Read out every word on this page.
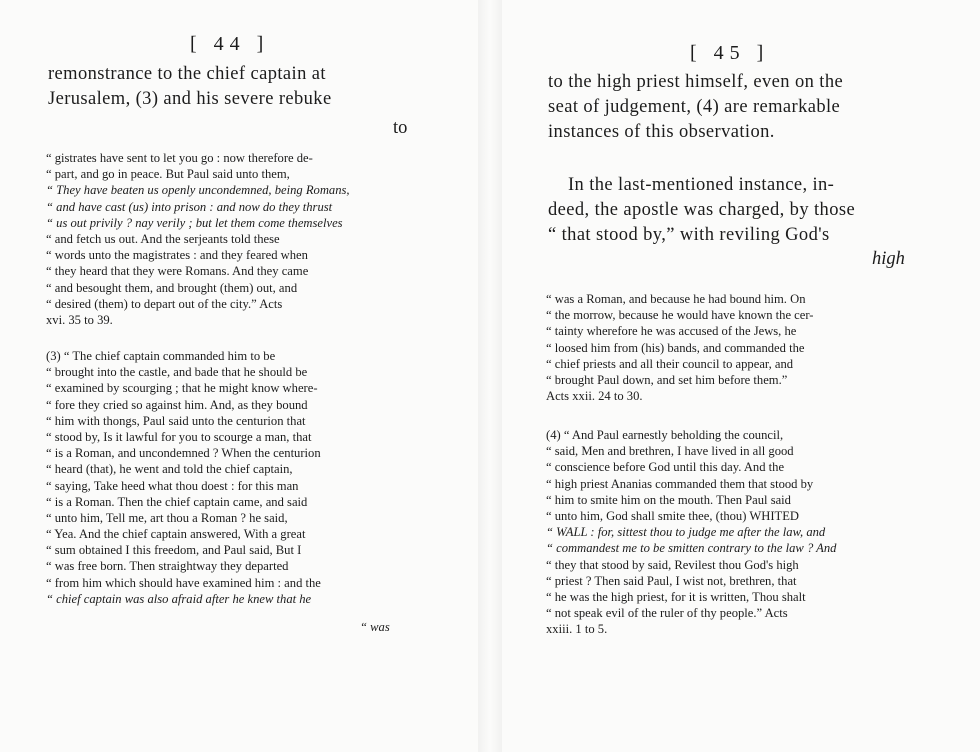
[ 44 ]
remonstrance to the chief captain at
Jerusalem, (3) and his severe rebuke
to
“ gistrates have sent to let you go : now therefore de-
“ part, and go in peace. But Paul said unto them,
“ They have beaten us openly uncondemned, being Romans,
“ and have cast (us) into prison : and now do they thrust
“ us out privily ? nay verily ; but let them come themselves
“ and fetch us out. And the serjeants told these
“ words unto the magistrates : and they feared when
“ they heard that they were Romans. And they came
“ and besought them, and brought (them) out, and
“ desired (them) to depart out of the city.” Acts
xvi. 35 to 39.
(3) “ The chief captain commanded him to be
“ brought into the castle, and bade that he should be
“ examined by scourging ; that he might know where-
“ fore they cried so against him. And, as they bound
“ him with thongs, Paul said unto the centurion that
“ stood by, Is it lawful for you to scourge a man, that
“ is a Roman, and uncondemned ? When the centurion
“ heard (that), he went and told the chief captain,
“ saying, Take heed what thou doest : for this man
“ is a Roman. Then the chief captain came, and said
“ unto him, Tell me, art thou a Roman ? he said,
“ Yea. And the chief captain answered, With a great
“ sum obtained I this freedom, and Paul said, But I
“ was free born. Then straightway they departed
“ from him which should have examined him : and the
“ chief captain was also afraid after he knew that he
“ was
[ 45 ]
to the high priest himself, even on the
seat of judgement, (4) are remarkable
instances of this observation.
In the last-mentioned instance, in-
deed, the apostle was charged, by those
“ that stood by,” with reviling God's
high
“ was a Roman, and because he had bound him. On
“ the morrow, because he would have known the cer-
“ tainty wherefore he was accused of the Jews, he
“ loosed him from (his) bands, and commanded the
“ chief priests and all their council to appear, and
“ brought Paul down, and set him before them.”
Acts xxii. 24 to 30.
(4) “ And Paul earnestly beholding the council,
“ said, Men and brethren, I have lived in all good
“ conscience before God until this day. And the
“ high priest Ananias commanded them that stood by
“ him to smite him on the mouth. Then Paul said
“ unto him, God shall smite thee, (thou) WHITED
“ WALL : for, sittest thou to judge me after the law, and
“ commandest me to be smitten contrary to the law ? And
“ they that stood by said, Revilest thou God's high
“ priest ? Then said Paul, I wist not, brethren, that
“ he was the high priest, for it is written, Thou shalt
“ not speak evil of the ruler of thy people.” Acts
xxiii. 1 to 5.
